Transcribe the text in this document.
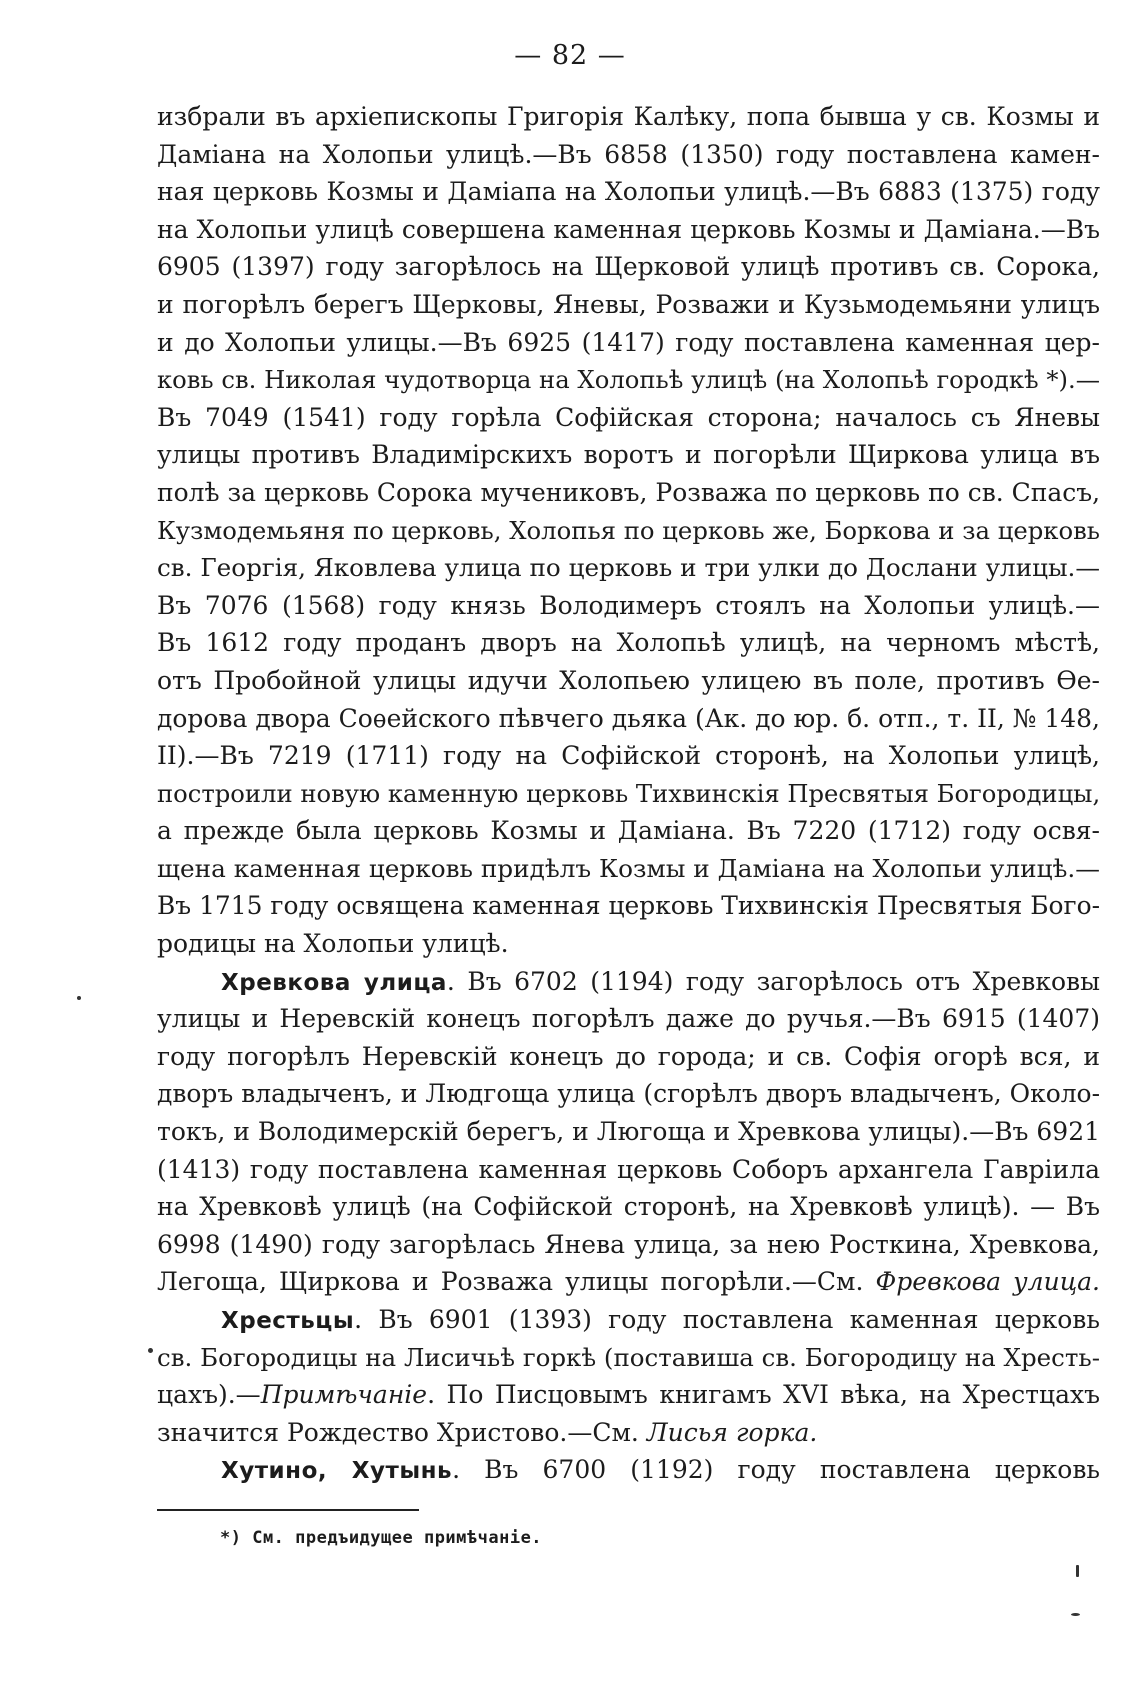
— 82 —
избрали въ архіепископы Григорія Калѣку, попа бывша у св. Козмы и
Даміана на Холопьи улицѣ.—Въ 6858 (1350) году поставлена камен-
ная церковь Козмы и Даміапа на Холопьи улицѣ.—Въ 6883 (1375) году
на Холопьи улицѣ совершена каменная церковь Козмы и Даміана.—Въ
6905 (1397) году загорѣлось на Щерковой улицѣ противъ св. Сорока,
и погорѣлъ берегъ Щерковы, Яневы, Розважи и Кузьмодемьяни улицъ
и до Холопьи улицы.—Въ 6925 (1417) году поставлена каменная цер-
ковь св. Николая чудотворца на Холопьѣ улицѣ (на Холопьѣ городкѣ *).—
Въ 7049 (1541) году горѣла Софійская сторона; началось съ Яневы
улицы противъ Владимірскихъ воротъ и погорѣли Щиркова улица въ
полѣ за церковь Сорока мучениковъ, Розважа по церковь по св. Спасъ,
Кузмодемьяня по церковь, Холопья по церковь же, Боркова и за церковь
св. Георгія, Яковлева улица по церковь и три улки до Дослани улицы.—
Въ 7076 (1568) году князь Володимеръ стоялъ на Холопьи улицѣ.—
Въ 1612 году проданъ дворъ на Холопьѣ улицѣ, на черномъ мѣстѣ,
отъ Пробойной улицы идучи Холопьею улицею въ поле, противъ Ѳе-
дорова двора Соѳейского пѣвчего дьяка (Ак. до юр. б. отп., т. II, № 148,
II).—Въ 7219 (1711) году на Софійской сторонѣ, на Холопьи улицѣ,
построили новую каменную церковь Тихвинскія Пресвятыя Богородицы,
а прежде была церковь Козмы и Даміана. Въ 7220 (1712) году освя-
щена каменная церковь придѣлъ Козмы и Даміана на Холопьи улицѣ.—
Въ 1715 году освящена каменная церковь Тихвинскія Пресвятыя Бого-
родицы на Холопьи улицѣ.
Хревкова улица. Въ 6702 (1194) году загорѣлось отъ Хревковы
улицы и Неревскій конецъ погорѣлъ даже до ручья.—Въ 6915 (1407)
году погорѣлъ Неревскій конецъ до города; и св. Софія огорѣ вся, и
дворъ владыченъ, и Людгоща улица (сгорѣлъ дворъ владыченъ, Около-
токъ, и Володимерскій берегъ, и Люгоща и Хревкова улицы).—Въ 6921
(1413) году поставлена каменная церковь Соборъ архангела Гавріила
на Хревковѣ улицѣ (на Софійской сторонѣ, на Хревковѣ улицѣ). — Въ
6998 (1490) году загорѣлась Янева улица, за нею Росткина, Хревкова,
Легоща, Щиркова и Розважа улицы погорѣли.—См. Фревкова улица.
Хрестьцы. Въ 6901 (1393) году поставлена каменная церковь
св. Богородицы на Лисичьѣ горкѣ (поставиша св. Богородицу на Хресть-
цахъ).—Примѣчаніе. По Писцовымъ книгамъ XVI вѣка, на Хрестцахъ
значится Рождество Христово.—См. Лисья горка.
Хутино, Хутынь. Въ 6700 (1192) году поставлена церковь
*) См. предъидущее примѣчаніе.
